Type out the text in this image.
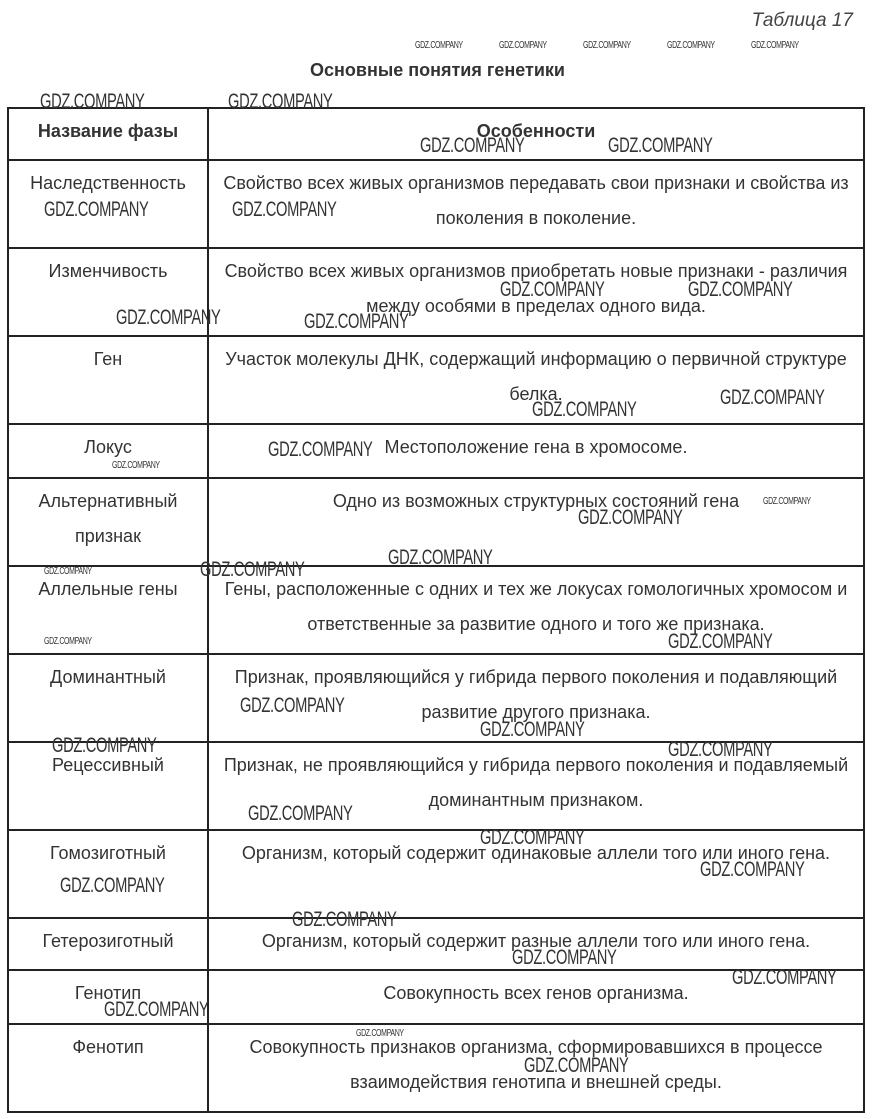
Таблица 17
Основные понятия генетики
Название фазы	Особенности
Наследственность	Свойство всех живых организмов передавать свои признаки и свойства из поколения в поколение.
Изменчивость	Свойство всех живых организмов приобретать новые признаки - различия между особями в пределах одного вида.
Ген	Участок молекулы ДНК, содержащий информацию о первичной структуре белка.
Локус	Местоположение гена в хромосоме.
Альтернативный признак	Одно из возможных структурных состояний гена
Аллельные гены	Гены, расположенные с одних и тех же локусах гомологичных хромосом и ответственные за развитие одного и того же признака.
Доминантный	Признак, проявляющийся у гибрида первого поколения и подавляющий развитие другого признака.
Рецессивный	Признак, не проявляющийся у гибрида первого поколения и подавляемый доминантным признаком.
Гомозиготный	Организм, который содержит одинаковые аллели того или иного гена.
Гетерозиготный	Организм, который содержит разные аллели того или иного гена.
Генотип	Совокупность всех генов организма.
Фенотип	Совокупность признаков организма, сформировавшихся в процессе взаимодействия генотипа и внешней среды.
GDZ.COMPANY	GDZ.COMPANY	GDZ.COMPANY	GDZ.COMPANY	GDZ.COMPANY
GDZ.COMPANY	GDZ.COMPANY
GDZ.COMPANY	GDZ.COMPANY
GDZ.COMPANY	GDZ.COMPANY
GDZ.COMPANY	GDZ.COMPANY
GDZ.COMPANY	GDZ.COMPANY
GDZ.COMPANY
GDZ.COMPANY
GDZ.COMPANY
GDZ.COMPANY
GDZ.COMPANY
GDZ.COMPANY
GDZ.COMPANY
GDZ.COMPANY	GDZ.COMPANY
GDZ.COMPANY	GDZ.COMPANY
GDZ.COMPANY
GDZ.COMPANY
GDZ.COMPANY	GDZ.COMPANY
GDZ.COMPANY
GDZ.COMPANY
GDZ.COMPANY
GDZ.COMPANY
GDZ.COMPANY
GDZ.COMPANY
GDZ.COMPANY
GDZ.COMPANY
GDZ.COMPANY
GDZ.COMPANY
